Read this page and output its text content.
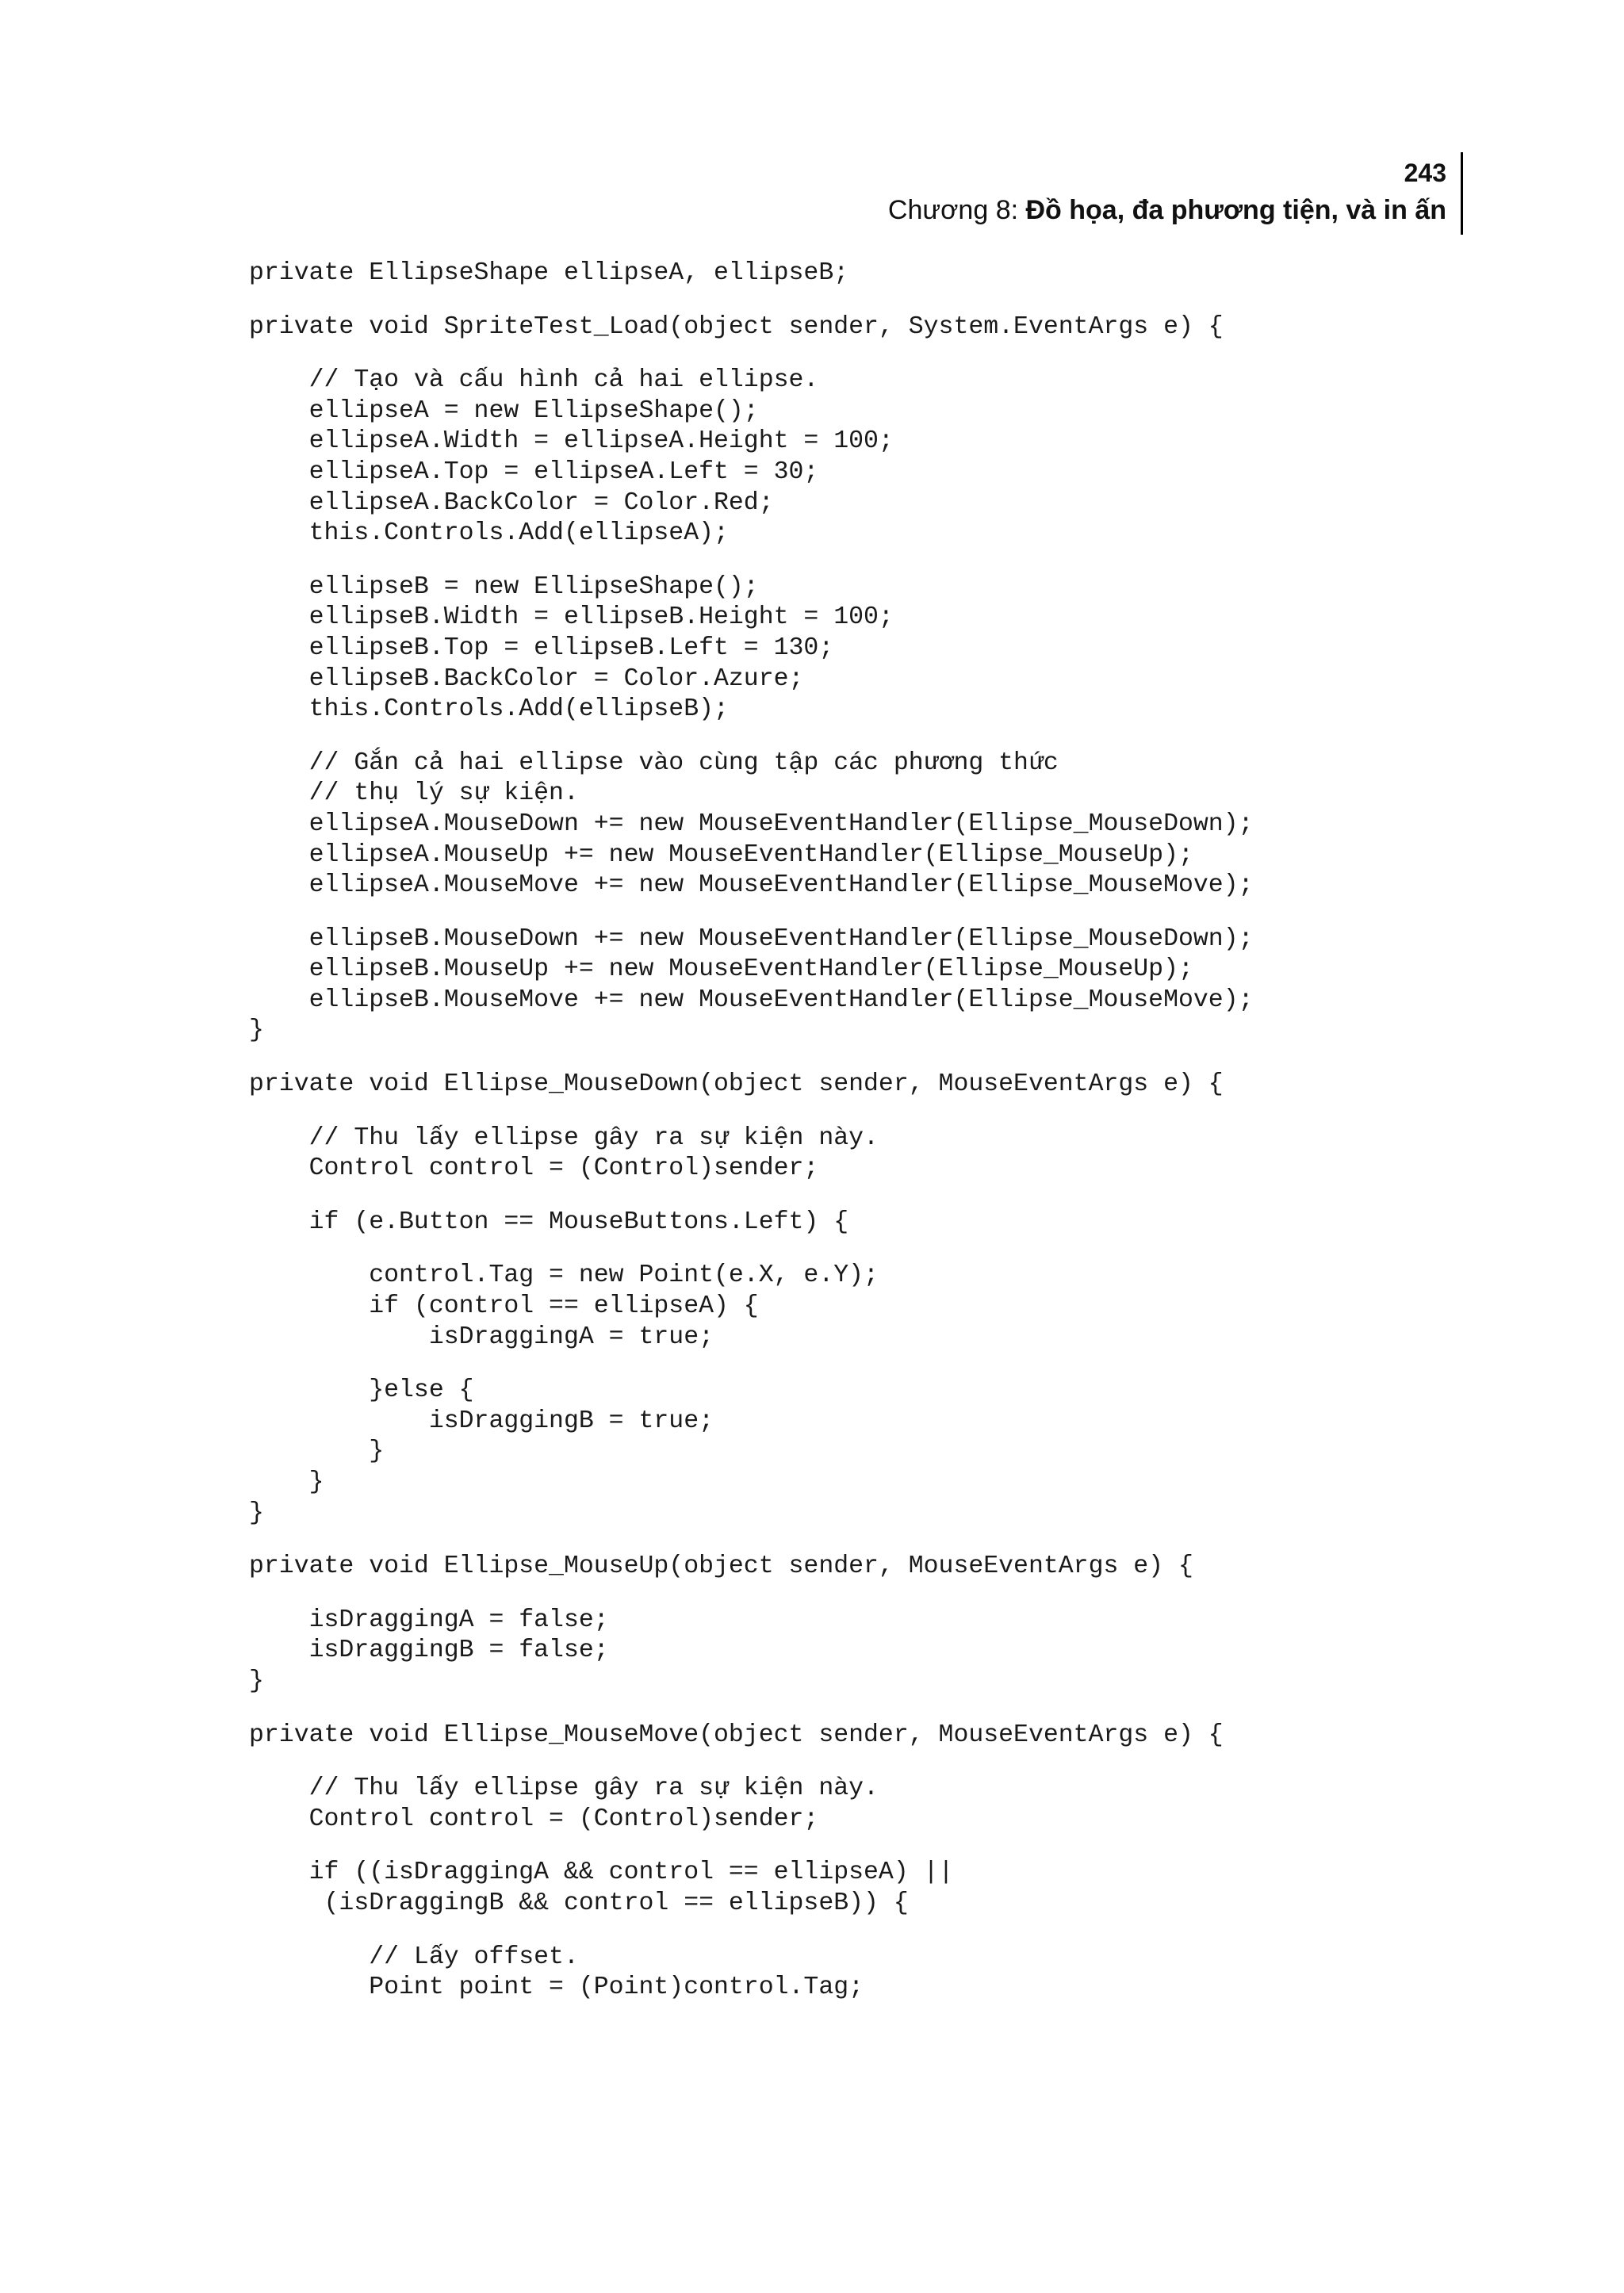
243
Chương 8: Đồ họa, đa phương tiện, và in ấn
private EllipseShape ellipseA, ellipseB;

private void SpriteTest_Load(object sender, System.EventArgs e) {

// Tạo và cấu hình cả hai ellipse.
ellipseA = new EllipseShape();
ellipseA.Width = ellipseA.Height = 100;
ellipseA.Top = ellipseA.Left = 30;
ellipseA.BackColor = Color.Red;
this.Controls.Add(ellipseA);

ellipseB = new EllipseShape();
ellipseB.Width = ellipseB.Height = 100;
ellipseB.Top = ellipseB.Left = 130;
ellipseB.BackColor = Color.Azure;
this.Controls.Add(ellipseB);

// Gắn cả hai ellipse vào cùng tập các phương thức
// thụ lý sự kiện.
ellipseA.MouseDown += new MouseEventHandler(Ellipse_MouseDown);
ellipseA.MouseUp += new MouseEventHandler(Ellipse_MouseUp);
ellipseA.MouseMove += new MouseEventHandler(Ellipse_MouseMove);

ellipseB.MouseDown += new MouseEventHandler(Ellipse_MouseDown);
ellipseB.MouseUp += new MouseEventHandler(Ellipse_MouseUp);
ellipseB.MouseMove += new MouseEventHandler(Ellipse_MouseMove);
}

private void Ellipse_MouseDown(object sender, MouseEventArgs e) {

// Thu lấy ellipse gây ra sự kiện này.
Control control = (Control)sender;

if (e.Button == MouseButtons.Left) {

control.Tag = new Point(e.X, e.Y);
if (control == ellipseA) {
isDraggingA = true;

}else {
isDraggingB = true;
}
}
}

private void Ellipse_MouseUp(object sender, MouseEventArgs e) {

isDraggingA = false;
isDraggingB = false;
}

private void Ellipse_MouseMove(object sender, MouseEventArgs e) {

// Thu lấy ellipse gây ra sự kiện này.
Control control = (Control)sender;

if ((isDraggingA && control == ellipseA) ||
(isDraggingB && control == ellipseB)) {

// Lấy offset.
Point point = (Point)control.Tag;
